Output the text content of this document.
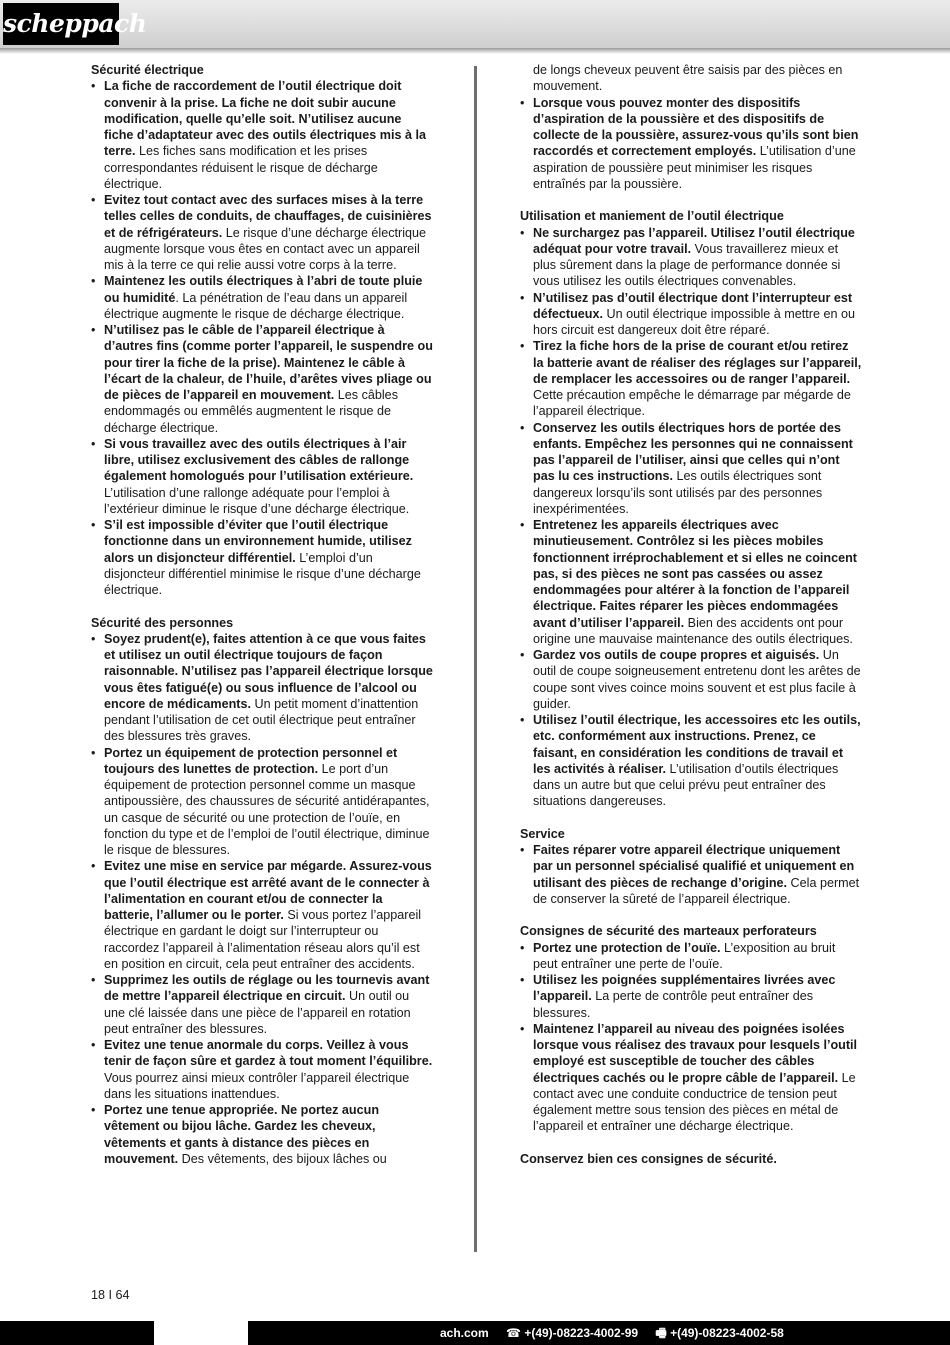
scheppach
Sécurité électrique
• La fiche de raccordement de l’outil électrique doit convenir à la prise. La fiche ne doit subir aucune modification, quelle qu’elle soit. N’utilisez aucune fiche d’adaptateur avec des outils électriques mis à la terre. Les fiches sans modification et les prises correspondantes réduisent le risque de décharge électrique.
• Evitez tout contact avec des surfaces mises à la terre telles celles de conduits, de chauffages, de cuisinières et de réfrigérateurs. Le risque d’une décharge électrique augmente lorsque vous êtes en contact avec un appareil mis à la terre ce qui relie aussi votre corps à la terre.
• Maintenez les outils électriques à l’abri de toute pluie ou humidité. La pénétration de l’eau dans un appareil électrique augmente le risque de décharge électrique.
• N’utilisez pas le câble de l’appareil électrique à d’autres fins (comme porter l’appareil, le suspendre ou pour tirer la fiche de la prise). Maintenez le câble à l’écart de la chaleur, de l’huile, d’arêtes vives pliage ou de pièces de l’appareil en mouvement. Les câbles endommagés ou emmêlés augmentent le risque de décharge électrique.
• Si vous travaillez avec des outils électriques à l’air libre, utilisez exclusivement des câbles de rallonge également homologués pour l’utilisation extérieure. L’utilisation d’une rallonge adéquate pour l’emploi à l’extérieur diminue le risque d’une décharge électrique.
• S’il est impossible d’éviter que l’outil électrique fonctionne dans un environnement humide, utilisez alors un disjoncteur différentiel. L’emploi d’un disjoncteur différentiel minimise le risque d’une décharge électrique.
Sécurité des personnes
• Soyez prudent(e), faites attention à ce que vous faites et utilisez un outil électrique toujours de façon raisonnable. N’utilisez pas l’appareil électrique lorsque vous êtes fatigué(e) ou sous influence de l’alcool ou encore de médicaments. Un petit moment d’inattention pendant l’utilisation de cet outil électrique peut entraîner des blessures très graves.
• Portez un équipement de protection personnel et toujours des lunettes de protection. Le port d’un équipement de protection personnel comme un masque antipoussière, des chaussures de sécurité antidérapantes, un casque de sécurité ou une protection de l’ouïe, en fonction du type et de l’emploi de l’outil électrique, diminue le risque de blessures.
• Evitez une mise en service par mégarde. Assurez-vous que l’outil électrique est arrêté avant de le connecter à l’alimentation en courant et/ou de connecter la batterie, l’allumer ou le porter. Si vous portez l’appareil électrique en gardant le doigt sur l’interrupteur ou raccordez l’appareil à l’alimentation réseau alors qu’il est en position en circuit, cela peut entraîner des accidents.
• Supprimez les outils de réglage ou les tournevis avant de mettre l’appareil électrique en circuit. Un outil ou une clé laissée dans une pièce de l’appareil en rotation peut entraîner des blessures.
• Evitez une tenue anormale du corps. Veillez à vous tenir de façon sûre et gardez à tout moment l’équilibre. Vous pourrez ainsi mieux contrôler l’appareil électrique dans les situations inattendues.
• Portez une tenue appropriée. Ne portez aucun vêtement ou bijou lâche. Gardez les cheveux, vêtements et gants à distance des pièces en mouvement. Des vêtements, des bijoux lâches ou

de longs cheveux peuvent être saisis par des pièces en mouvement.

• Lorsque vous pouvez monter des dispositifs d’aspiration de la poussière et des dispositifs de collecte de la poussière, assurez-vous qu’ils sont bien raccordés et correctement employés. L’utilisation d’une aspiration de poussière peut minimiser les risques entraînés par la poussière.
Utilisation et maniement de l’outil électrique
• Ne surchargez pas l’appareil. Utilisez l’outil électrique adéquat pour votre travail. Vous travaillerez mieux et plus sûrement dans la plage de performance donnée si vous utilisez les outils électriques convenables.
• N’utilisez pas d’outil électrique dont l’interrupteur est défectueux. Un outil électrique impossible à mettre en ou hors circuit est dangereux doit être réparé.
• Tirez la fiche hors de la prise de courant et/ou retirez la batterie avant de réaliser des réglages sur l’appareil, de remplacer les accessoires ou de ranger l’appareil. Cette précaution empêche le démarrage par mégarde de l’appareil électrique.
• Conservez les outils électriques hors de portée des enfants. Empêchez les personnes qui ne connaissent pas l’appareil de l’utiliser, ainsi que celles qui n’ont pas lu ces instructions. Les outils électriques sont dangereux lorsqu’ils sont utilisés par des personnes inexpérimentées.
• Entretenez les appareils électriques avec minutieusement. Contrôlez si les pièces mobiles fonctionnent irréprochablement et si elles ne coincent pas, si des pièces ne sont pas cassées ou assez endommagées pour altérer à la fonction de l’appareil électrique. Faites réparer les pièces endommagées avant d’utiliser l’appareil. Bien des accidents ont pour origine une mauvaise maintenance des outils électriques.
• Gardez vos outils de coupe propres et aiguisés. Un outil de coupe soigneusement entretenu dont les arêtes de coupe sont vives coince moins souvent et est plus facile à guider.
• Utilisez l’outil électrique, les accessoires etc les outils, etc. conformément aux instructions. Prenez, ce faisant, en considération les conditions de travail et les activités à réaliser. L’utilisation d’outils électriques dans un autre but que celui prévu peut entraîner des situations dangereuses.
Service
• Faites réparer votre appareil électrique uniquement par un personnel spécialisé qualifié et uniquement en utilisant des pièces de rechange d’origine. Cela permet de conserver la sûreté de l’appareil électrique.
Consignes de sécurité des marteaux perforateurs
• Portez une protection de l’ouïe. L’exposition au bruit peut entraîner une perte de l’ouïe.
• Utilisez les poignées supplémentaires livrées avec l’appareil. La perte de contrôle peut entraîner des blessures.
• Maintenez l’appareil au niveau des poignées isolées lorsque vous réalisez des travaux pour lesquels l’outil employé est susceptible de toucher des câbles électriques cachés ou le propre câble de l’appareil. Le contact avec une conduite conductrice de tension peut également mettre sous tension des pièces en métal de l’appareil et entraîner une décharge électrique.
Conservez bien ces consignes de sécurité.
18 I 64
ach.com ☎ +(49)-08223-4002-99 🖷 +(49)-08223-4002-58
